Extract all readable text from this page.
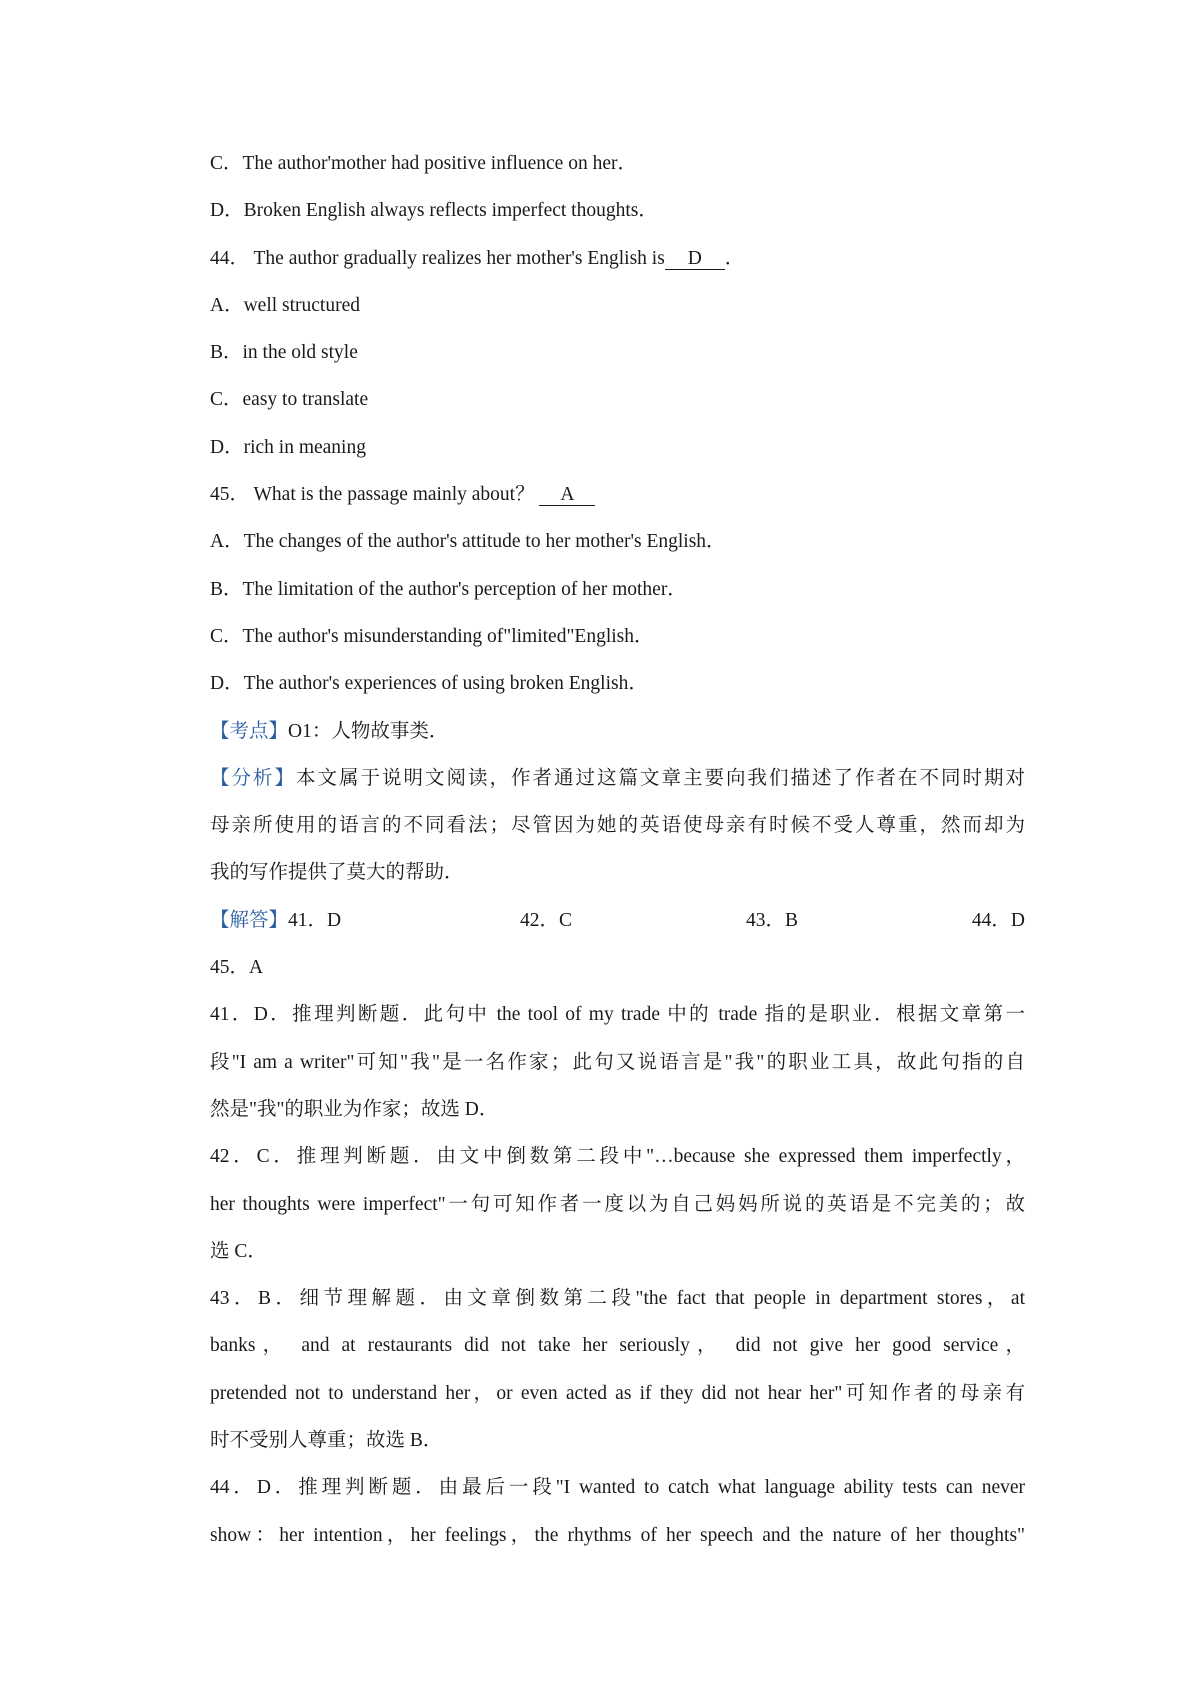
C．The author'mother had positive influence on her．
D．Broken English always reflects imperfect thoughts．
44． The author gradually realizes her mother's English is D ．
A．well structured
B．in the old style
C．easy to translate
D．rich in meaning
45． What is the passage mainly about？ A
A．The changes of the author's attitude to her mother's English．
B．The limitation of the author's perception of her mother．
C．The author's misunderstanding of"limited"English．
D．The author's experiences of using broken English．
【考点】O1：人物故事类．
【分析】本文属于说明文阅读，作者通过这篇文章主要向我们描述了作者在不同时期对
母亲所使用的语言的不同看法；尽管因为她的英语使母亲有时候不受人尊重，然而却为
我的写作提供了莫大的帮助．
【解答】41．D	42．C	43．B	44．D
45．A
41．D．推理判断题．此句中 the tool of my trade 中的 trade 指的是职业．根据文章第一
段"I am a writer"可知"我"是一名作家；此句又说语言是"我"的职业工具，故此句指的自
然是"我"的职业为作家；故选 D．
42．C．推理判断题．由文中倒数第二段中"…because she expressed them imperfectly，
her thoughts were imperfect"一句可知作者一度以为自己妈妈所说的英语是不完美的；故
选 C．
43．B．细节理解题．由文章倒数第二段"the fact that people in department stores，at
banks， and at restaurants did not take her seriously， did not give her good service，
pretended not to understand her，or even acted as if they did not hear her"可知作者的母亲有
时不受别人尊重；故选 B．
44．D．推理判断题．由最后一段"I wanted to catch what language ability tests can never
show：her intention，her feelings，the rhythms of her speech and the nature of her thoughts"
